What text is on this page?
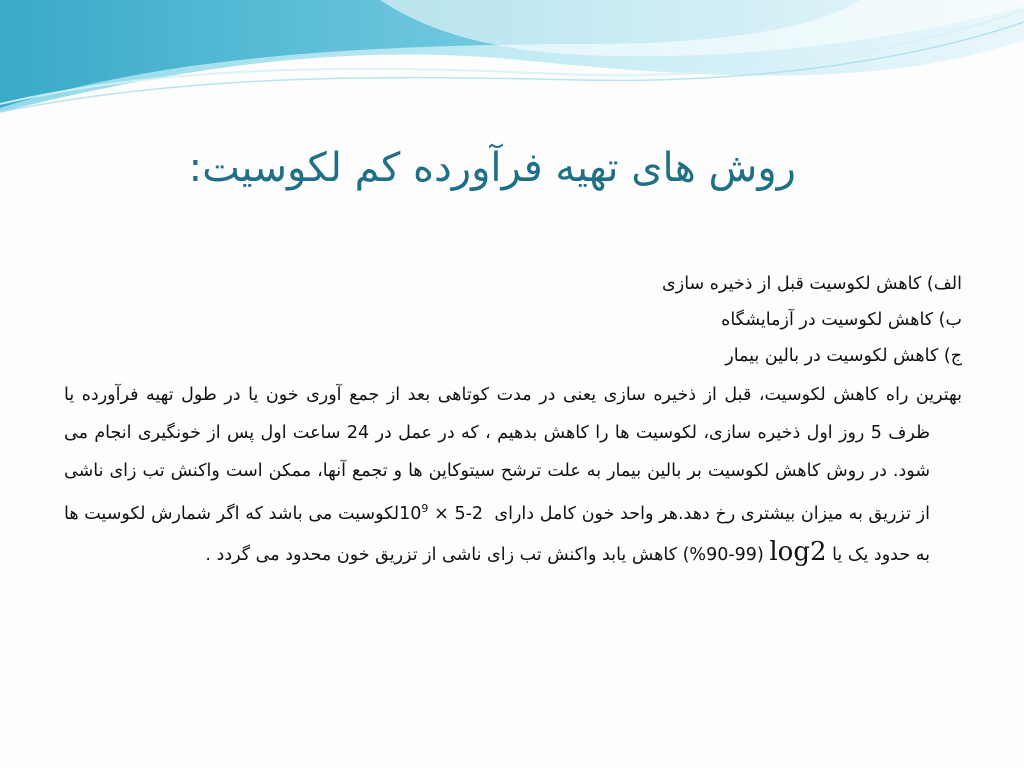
روش های تهیه فرآورده کم لکوسیت:
الف) کاهش لکوسیت قبل از ذخیره سازی
ب) کاهش لکوسیت در آزمایشگاه
ج) کاهش لکوسیت در بالین بیمار

بهترین راه کاهش لکوسیت، قبل از ذخیره سازی یعنی در مدت کوتاهی بعد از جمع آوری خون یا در طول تهیه فرآورده یا ظرف 5 روز اول ذخیره سازی، لکوسیت ها را کاهش بدهیم ، که در عمل در 24 ساعت اول پس از خونگیری انجام می شود. در روش کاهش لکوسیت بر بالین بیمار به علت ترشح سیتوکاین ها و تجمع آنها، ممکن است واکنش تب زای ناشی از تزریق به میزان بیشتری رخ دهد.هر واحد خون کامل دارای $10^9 \times 5-2$ لکوسیت می باشد که اگر شمارش لکوسیت ها به حدود یک یا log2 (99-90%) کاهش یابد واکنش تب زای ناشی از تزریق خون محدود می گردد .
